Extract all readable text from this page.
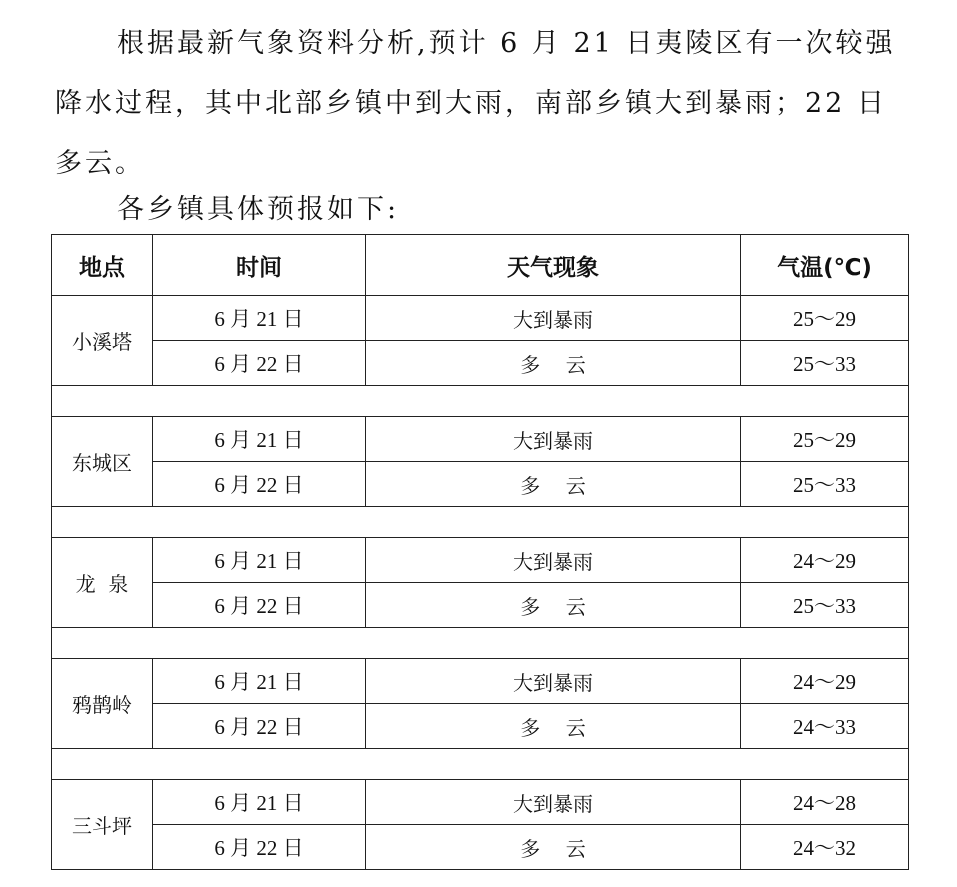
根据最新气象资料分析,预计 6 月 21 日夷陵区有一次较强
降水过程，其中北部乡镇中到大雨，南部乡镇大到暴雨；22 日
多云。
各乡镇具体预报如下:
地点	时间	天气现象	气温(℃)
小溪塔	6 月 21 日	大到暴雨	25～29
	6 月 22 日	多    云	25～33

东城区	6 月 21 日	大到暴雨	25～29
	6 月 22 日	多    云	25～33

龙  泉	6 月 21 日	大到暴雨	24～29
	6 月 22 日	多    云	25～33

鸦鹊岭	6 月 21 日	大到暴雨	24～29
	6 月 22 日	多    云	24～33

三斗坪	6 月 21 日	大到暴雨	24～28
	6 月 22 日	多    云	24～32
